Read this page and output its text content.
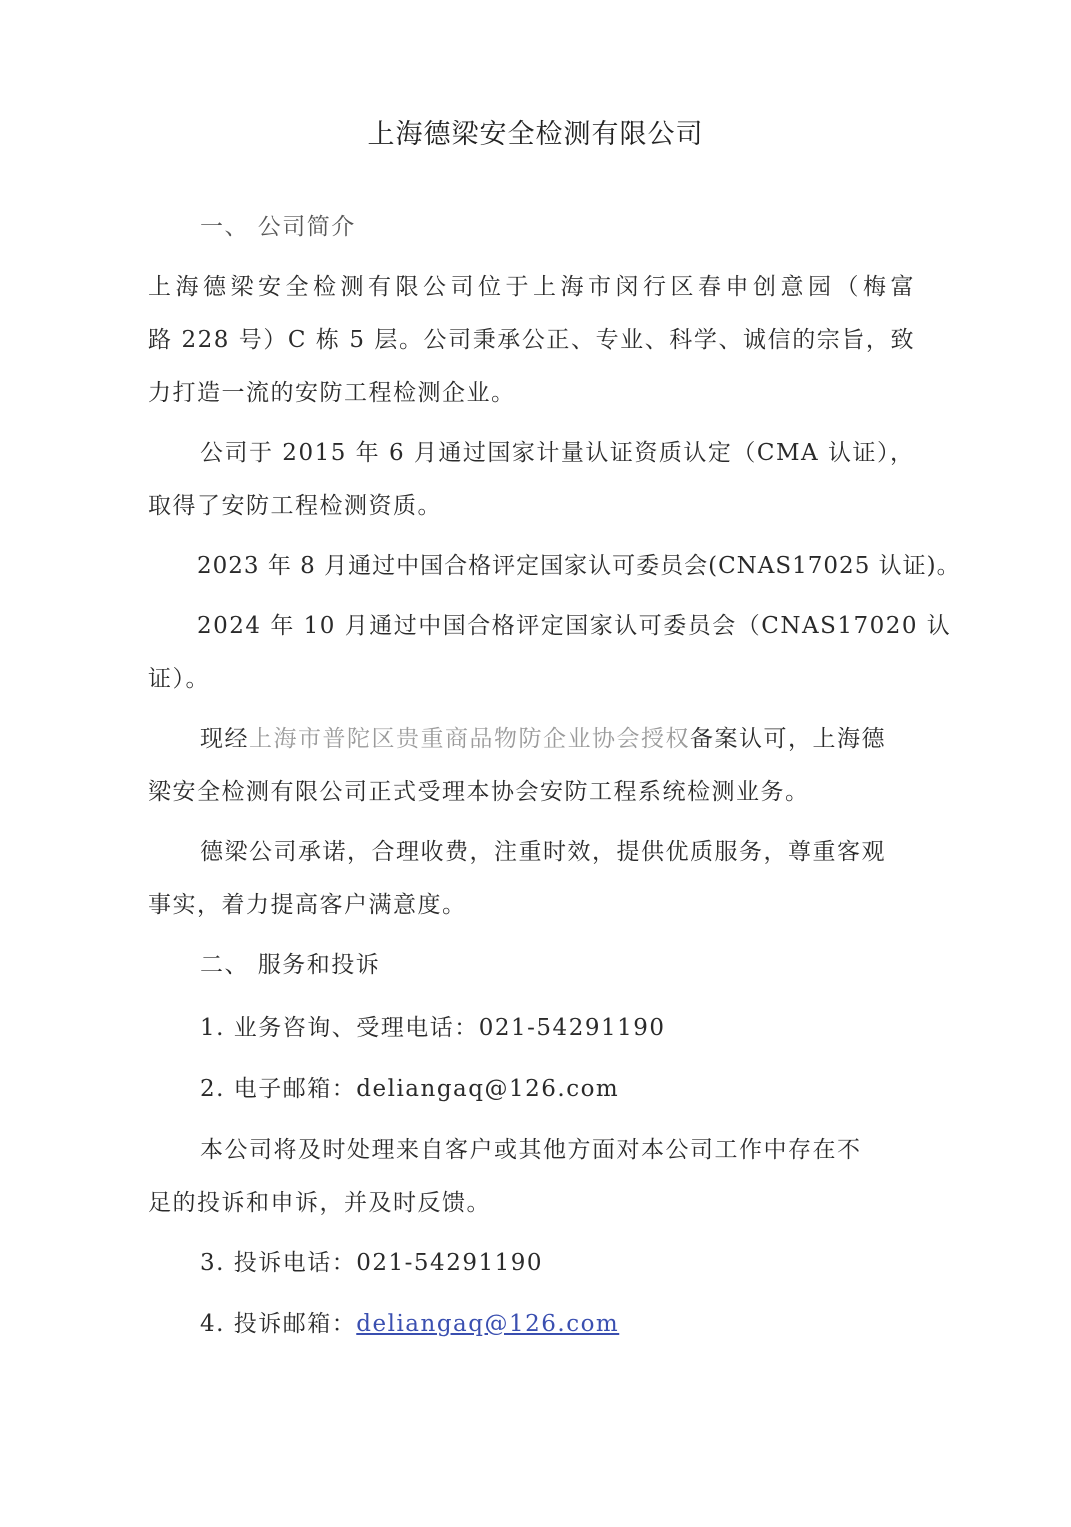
上海德梁安全检测有限公司
一、 公司简介
上海德梁安全检测有限公司位于上海市闵行区春申创意园（梅富
路 228 号）C 栋 5 层。公司秉承公正、专业、科学、诚信的宗旨，致
力打造一流的安防工程检测企业。
公司于 2015 年 6 月通过国家计量认证资质认定（CMA 认证），
取得了安防工程检测资质。
2023 年 8 月通过中国合格评定国家认可委员会(CNAS17025 认证)。
2024 年 10 月通过中国合格评定国家认可委员会（CNAS17020 认
证）。
现经上海市普陀区贵重商品物防企业协会授权备案认可，上海德
梁安全检测有限公司正式受理本协会安防工程系统检测业务。
德梁公司承诺，合理收费，注重时效，提供优质服务，尊重客观
事实，着力提高客户满意度。
二、 服务和投诉
1. 业务咨询、受理电话：021-54291190
2. 电子邮箱：deliangaq@126.com
本公司将及时处理来自客户或其他方面对本公司工作中存在不
足的投诉和申诉，并及时反馈。
3. 投诉电话：021-54291190
4. 投诉邮箱：deliangaq@126.com
